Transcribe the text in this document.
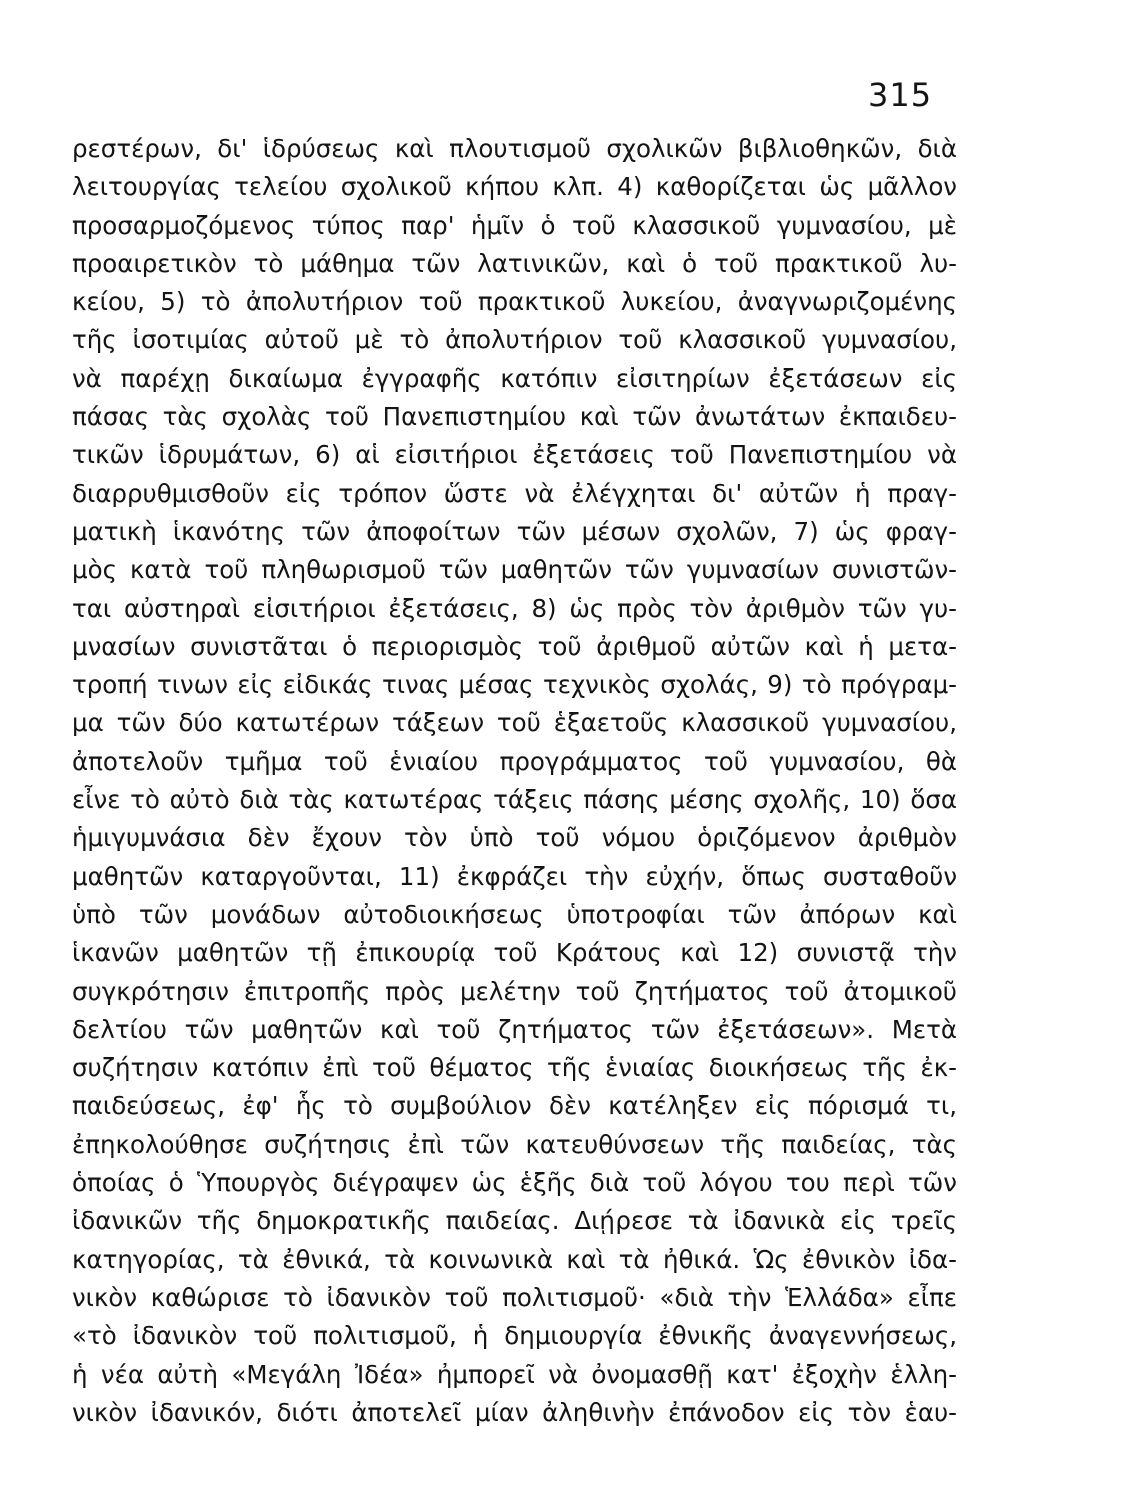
315
ρεστέρων, δι' ἱδρύσεως καὶ πλουτισμοῦ σχολικῶν βιβλιοθηκῶν, διὰ
λειτουργίας τελείου σχολικοῦ κήπου κλπ. 4) καθορίζεται ὡς μᾶλλον
προσαρμοζόμενος τύπος παρ' ἡμῖν ὁ τοῦ κλασσικοῦ γυμνασίου, μὲ
προαιρετικὸν τὸ μάθημα τῶν λατινικῶν, καὶ ὁ τοῦ πρακτικοῦ λυ-
κείου, 5) τὸ ἀπολυτήριον τοῦ πρακτικοῦ λυκείου, ἀναγνωριζομένης
τῆς ἰσοτιμίας αὐτοῦ μὲ τὸ ἀπολυτήριον τοῦ κλασσικοῦ γυμνασίου,
νὰ παρέχῃ δικαίωμα ἐγγραφῆς κατόπιν εἰσιτηρίων ἐξετάσεων εἰς
πάσας τὰς σχολὰς τοῦ Πανεπιστημίου καὶ τῶν ἀνωτάτων ἐκπαιδευ-
τικῶν ἱδρυμάτων, 6) αἱ εἰσιτήριοι ἐξετάσεις τοῦ Πανεπιστημίου νὰ
διαρρυθμισθοῦν εἰς τρόπον ὥστε νὰ ἐλέγχηται δι' αὐτῶν ἡ πραγ-
ματικὴ ἱκανότης τῶν ἀποφοίτων τῶν μέσων σχολῶν, 7) ὡς φραγ-
μὸς κατὰ τοῦ πληθωρισμοῦ τῶν μαθητῶν τῶν γυμνασίων συνιστῶν-
ται αὐστηραὶ εἰσιτήριοι ἐξετάσεις, 8) ὡς πρὸς τὸν ἀριθμὸν τῶν γυ-
μνασίων συνιστᾶται ὁ περιορισμὸς τοῦ ἀριθμοῦ αὐτῶν καὶ ἡ μετα-
τροπή τινων εἰς εἰδικάς τινας μέσας τεχνικὸς σχολάς, 9) τὸ πρόγραμ-
μα τῶν δύο κατωτέρων τάξεων τοῦ ἑξαετοῦς κλασσικοῦ γυμνασίου,
ἀποτελοῦν τμῆμα τοῦ ἑνιαίου προγράμματος τοῦ γυμνασίου, θὰ
εἶνε τὸ αὐτὸ διὰ τὰς κατωτέρας τάξεις πάσης μέσης σχολῆς, 10) ὅσα
ἡμιγυμνάσια δὲν ἔχουν τὸν ὑπὸ τοῦ νόμου ὁριζόμενον ἀριθμὸν
μαθητῶν καταργοῦνται, 11) ἐκφράζει τὴν εὐχήν, ὅπως συσταθοῦν
ὑπὸ τῶν μονάδων αὐτοδιοικήσεως ὑποτροφίαι τῶν ἀπόρων καὶ
ἱκανῶν μαθητῶν τῇ ἐπικουρίᾳ τοῦ Κράτους καὶ 12) συνιστᾷ τὴν
συγκρότησιν ἐπιτροπῆς πρὸς μελέτην τοῦ ζητήματος τοῦ ἀτομικοῦ
δελτίου τῶν μαθητῶν καὶ τοῦ ζητήματος τῶν ἐξετάσεων». Μετὰ
συζήτησιν κατόπιν ἐπὶ τοῦ θέματος τῆς ἑνιαίας διοικήσεως τῆς ἐκ-
παιδεύσεως, ἐφ' ἧς τὸ συμβούλιον δὲν κατέληξεν εἰς πόρισμά τι,
ἐπηκολούθησε συζήτησις ἐπὶ τῶν κατευθύνσεων τῆς παιδείας, τὰς
ὁποίας ὁ Ὑπουργὸς διέγραψεν ὡς ἑξῆς διὰ τοῦ λόγου του περὶ τῶν
ἰδανικῶν τῆς δημοκρατικῆς παιδείας. Διῄρεσε τὰ ἰδανικὰ εἰς τρεῖς
κατηγορίας, τὰ ἐθνικά, τὰ κοινωνικὰ καὶ τὰ ἠθικά. Ὡς ἐθνικὸν ἰδα-
νικὸν καθώρισε τὸ ἰδανικὸν τοῦ πολιτισμοῦ· «διὰ τὴν Ἑλλάδα» εἶπε
«τὸ ἰδανικὸν τοῦ πολιτισμοῦ, ἡ δημιουργία ἐθνικῆς ἀναγεννήσεως,
ἡ νέα αὐτὴ «Μεγάλη Ἰδέα» ἠμπορεῖ νὰ ὀνομασθῇ κατ' ἐξοχὴν ἑλλη-
νικὸν ἰδανικόν, διότι ἀποτελεῖ μίαν ἀληθινὴν ἐπάνοδον εἰς τὸν ἑαυ-
